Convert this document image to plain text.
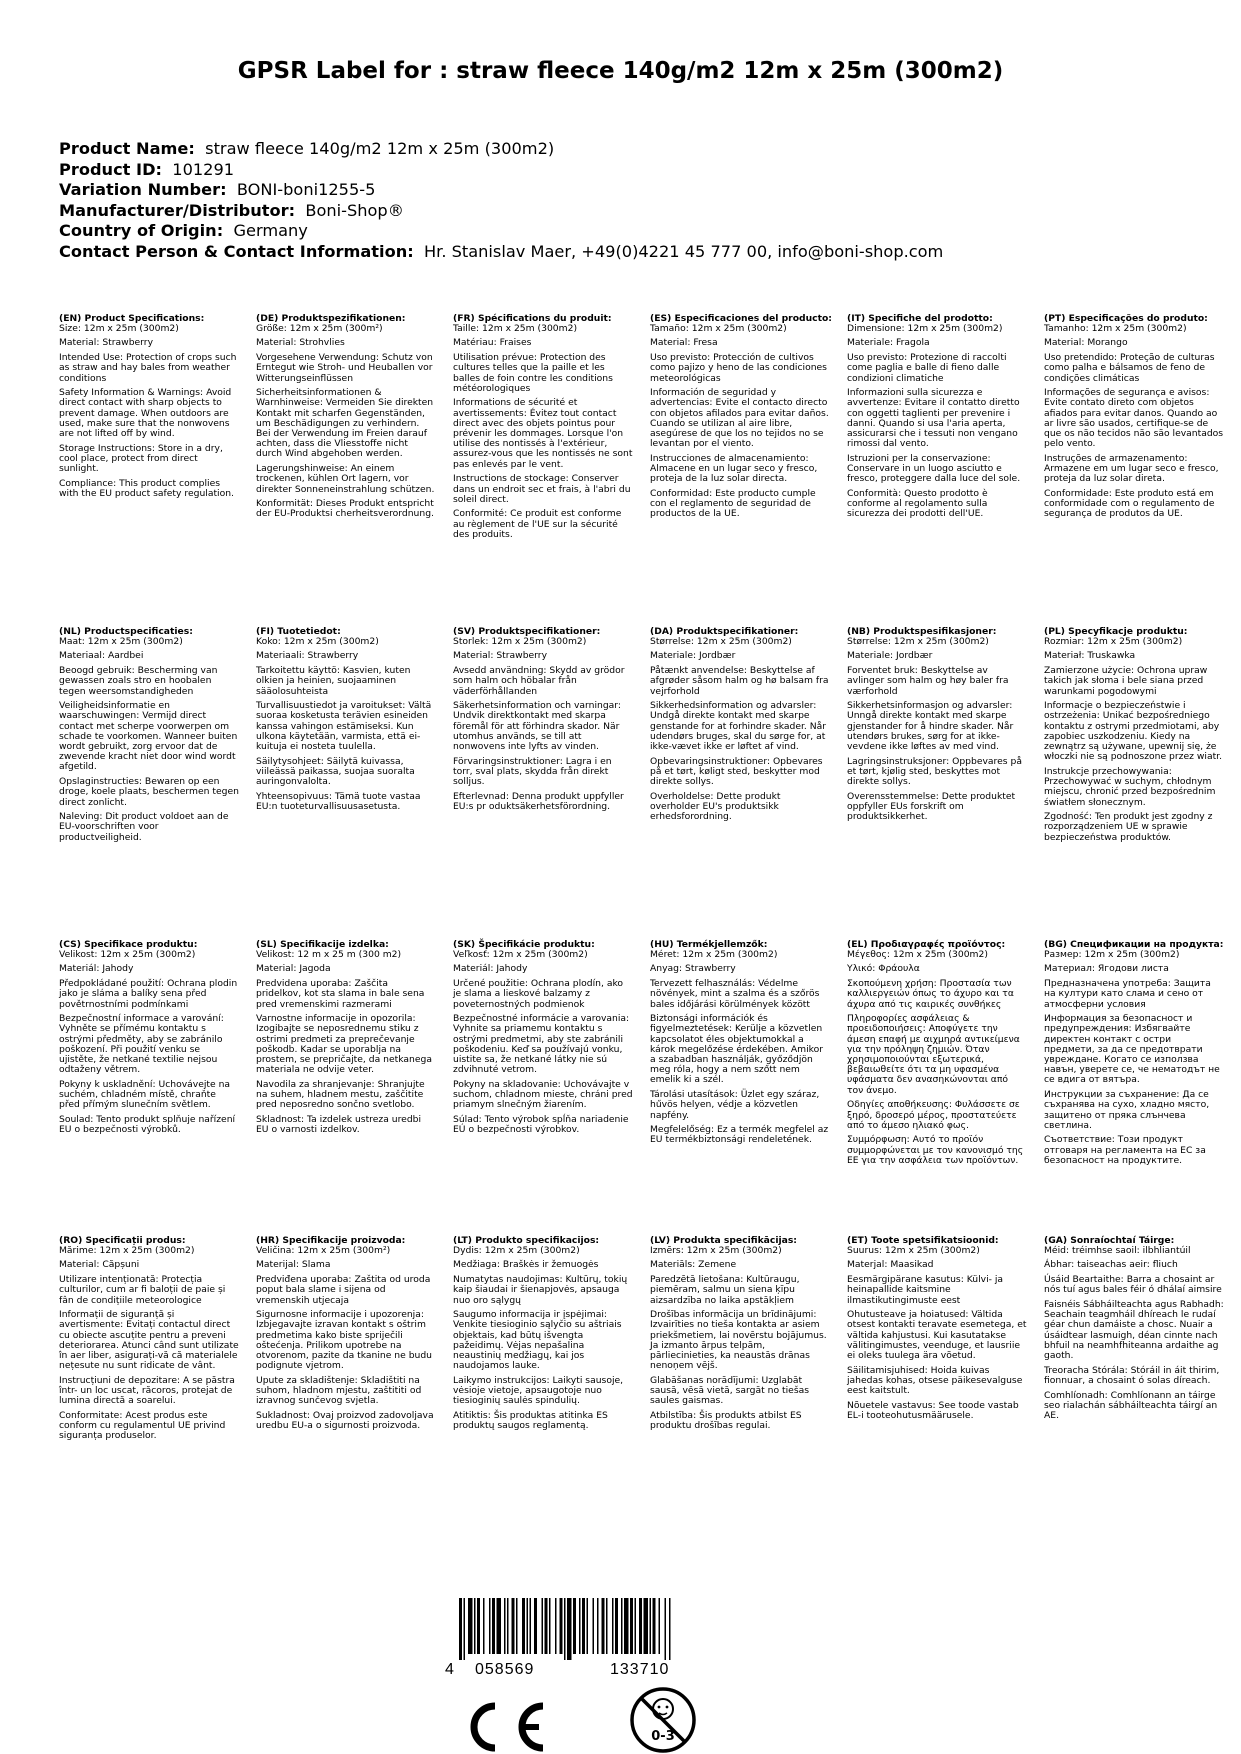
GPSR Label for : straw fleece 140g/m2 12m x 25m (300m2)
Product Name: straw fleece 140g/m2 12m x 25m (300m2)
Product ID: 101291
Variation Number: BONI-boni1255-5
Manufacturer/Distributor: Boni-Shop®
Country of Origin: Germany
Contact Person & Contact Information: Hr. Stanislav Maer, +49(0)4221 45 777 00, info@boni-shop.com
(EN) Product Specifications:

Size: 12m x 25m (300m2)

Material: Strawberry

Intended Use: Protection of crops such as straw and hay bales from weather conditions

Safety Information & Warnings: Avoid direct contact with sharp objects to prevent damage. When outdoors are used, make sure that the nonwovens are not lifted off by wind.

Storage Instructions: Store in a dry, cool place, protect from direct sunlight.

Compliance: This product complies with the EU product safety regulation.

(DE) Produktspezifikationen:

Größe: 12m x 25m (300m²)

Material: Strohvlies

Vorgesehene Verwendung: Schutz von Erntegut wie Stroh- und Heuballen vor Witterungseinflüssen

Sicherheitsinformationen & Warnhinweise: Vermeiden Sie direkten Kontakt mit scharfen Gegenständen, um Beschädigungen zu verhindern. Bei der Verwendung im Freien darauf achten, dass die Vliesstoffe nicht durch Wind abgehoben werden.

Lagerungshinweise: An einem trockenen, kühlen Ort lagern, vor direkter Sonneneinstrahlung schützen.

Konformität: Dieses Produkt entspricht der EU-Produktsi cherheitsverordnung.

(FR) Spécifications du produit:

Taille: 12m x 25m (300m2)

Matériau: Fraises

Utilisation prévue: Protection des cultures telles que la paille et les balles de foin contre les conditions météorologiques

Informations de sécurité et avertissements: Évitez tout contact direct avec des objets pointus pour prévenir les dommages. Lorsque l'on utilise des nontissés à l'extérieur, assurez-vous que les nontissés ne sont pas enlevés par le vent.

Instructions de stockage: Conserver dans un endroit sec et frais, à l'abri du soleil direct.

Conformité: Ce produit est conforme au règlement de l'UE sur la sécurité des produits.

(ES) Especificaciones del producto:

Tamaño: 12m x 25m (300m2)

Material: Fresa

Uso previsto: Protección de cultivos como pajizo y heno de las condiciones meteorológicas

Información de seguridad y advertencias: Evite el contacto directo con objetos afilados para evitar daños. Cuando se utilizan al aire libre, asegúrese de que los no tejidos no se levantan por el viento.

Instrucciones de almacenamiento: Almacene en un lugar seco y fresco, proteja de la luz solar directa.

Conformidad: Este producto cumple con el reglamento de seguridad de productos de la UE.

(IT) Specifiche del prodotto:

Dimensione: 12m x 25m (300m2)

Materiale: Fragola

Uso previsto: Protezione di raccolti come paglia e balle di fieno dalle condizioni climatiche

Informazioni sulla sicurezza e avvertenze: Evitare il contatto diretto con oggetti taglienti per prevenire i danni. Quando si usa l'aria aperta, assicurarsi che i tessuti non vengano rimossi dal vento.

Istruzioni per la conservazione: Conservare in un luogo asciutto e fresco, proteggere dalla luce del sole.

Conformità: Questo prodotto è conforme al regolamento sulla sicurezza dei prodotti dell'UE.

(PT) Especificações do produto:

Tamanho: 12m x 25m (300m2)

Material: Morango

Uso pretendido: Proteção de culturas como palha e bálsamos de feno de condições climáticas

Informações de segurança e avisos: Evite contato direto com objetos afiados para evitar danos. Quando ao ar livre são usados, certifique-se de que os não tecidos não são levantados pelo vento.

Instruções de armazenamento: Armazene em um lugar seco e fresco, proteja da luz solar direta.

Conformidade: Este produto está em conformidade com o regulamento de segurança de produtos da UE.

(NL) Productspecificaties:

Maat: 12m x 25m (300m2)

Materiaal: Aardbei

Beoogd gebruik: Bescherming van gewassen zoals stro en hoobalen tegen weersomstandigheden

Veiligheidsinformatie en waarschuwingen: Vermijd direct contact met scherpe voorwerpen om schade te voorkomen. Wanneer buiten wordt gebruikt, zorg ervoor dat de zwevende kracht niet door wind wordt afgetild.

Opslaginstructies: Bewaren op een droge, koele plaats, beschermen tegen direct zonlicht.

Naleving: Dit product voldoet aan de EU-voorschriften voor productveiligheid.

(FI) Tuotetiedot:

Koko: 12m x 25m (300m2)

Materiaali: Strawberry

Tarkoitettu käyttö: Kasvien, kuten olkien ja heinien, suojaaminen sääolosuhteista

Turvallisuustiedot ja varoitukset: Vältä suoraa kosketusta terävien esineiden kanssa vahingon estämiseksi. Kun ulkona käytetään, varmista, että ei-kuituja ei nosteta tuulella.

Säilytysohjeet: Säilytä kuivassa, viileässä paikassa, suojaa suoralta auringonvalolta.

Yhteensopivuus: Tämä tuote vastaa EU:n tuoteturvallisuusasetusta.

(SV) Produktspecifikationer:

Storlek: 12m x 25m (300m2)

Material: Strawberry

Avsedd användning: Skydd av grödor som halm och höbalar från väderförhållanden

Säkerhetsinformation och varningar: Undvik direktkontakt med skarpa föremål för att förhindra skador. När utomhus används, se till att nonwovens inte lyfts av vinden.

Förvaringsinstruktioner: Lagra i en torr, sval plats, skydda från direkt solljus.

Efterlevnad: Denna produkt uppfyller EU:s pr oduktsäkerhetsförordning.

(DA) Produktspecifikationer:

Størrelse: 12m x 25m (300m2)

Materiale: Jordbær

Påtænkt anvendelse: Beskyttelse af afgrøder såsom halm og hø balsam fra vejrforhold

Sikkerhedsinformation og advarsler: Undgå direkte kontakt med skarpe genstande for at forhindre skader. Når udendørs bruges, skal du sørge for, at ikke-vævet ikke er løftet af vind.

Opbevaringsinstruktioner: Opbevares på et tørt, køligt sted, beskytter mod direkte sollys.

Overholdelse: Dette produkt overholder EU's produktsikk erhedsforordning.

(NB) Produktspesifikasjoner:

Størrelse: 12m x 25m (300m2)

Materiale: Jordbær

Forventet bruk: Beskyttelse av avlinger som halm og høy baler fra værforhold

Sikkerhetsinformasjon og advarsler: Unngå direkte kontakt med skarpe gjenstander for å hindre skader. Når utendørs brukes, sørg for at ikke-vevdene ikke løftes av med vind.

Lagringsinstruksjoner: Oppbevares på et tørt, kjølig sted, beskyttes mot direkte sollys.

Overensstemmelse: Dette produktet oppfyller EUs forskrift om produktsikkerhet.

(PL) Specyfikacje produktu:

Rozmiar: 12m x 25m (300m2)

Materiał: Truskawka

Zamierzone użycie: Ochrona upraw takich jak słoma i bele siana przed warunkami pogodowymi

Informacje o bezpieczeństwie i ostrzeżenia: Unikać bezpośredniego kontaktu z ostrymi przedmiotami, aby zapobiec uszkodzeniu. Kiedy na zewnątrz są używane, upewnij się, że włoczki nie są podnoszone przez wiatr.

Instrukcje przechowywania: Przechowywać w suchym, chłodnym miejscu, chronić przed bezpośrednim światłem słonecznym.

Zgodność: Ten produkt jest zgodny z rozporządzeniem UE w sprawie bezpieczeństwa produktów.

(CS) Specifikace produktu:

Velikost: 12m x 25m (300m2)

Materiál: Jahody

Předpokládané použití: Ochrana plodin jako je sláma a balíky sena před povětrnostními podmínkami

Bezpečnostní informace a varování: Vyhněte se přímému kontaktu s ostrými předměty, aby se zabránilo poškození. Při použití venku se ujistěte, že netkané textilie nejsou odtaženy větrem.

Pokyny k uskladnění: Uchovávejte na suchém, chladném místě, chraňte před přímým slunečním světlem.

Soulad: Tento produkt splňuje nařízení EU o bezpečnosti výrobků.

(SL) Specifikacije izdelka:

Velikost: 12 m x 25 m (300 m2)

Material: Jagoda

Predvidena uporaba: Zaščita pridelkov, kot sta slama in bale sena pred vremenskimi razmerami

Varnostne informacije in opozorila: Izogibajte se neposrednemu stiku z ostrimi predmeti za preprečevanje poškodb. Kadar se uporablja na prostem, se prepričajte, da netkanega materiala ne odvije veter.

Navodila za shranjevanje: Shranjujte na suhem, hladnem mestu, zaščitite pred neposredno sončno svetlobo.

Skladnost: Ta izdelek ustreza uredbi EU o varnosti izdelkov.

(SK) Špecifikácie produktu:

Veľkosť: 12m x 25m (300m2)

Materiál: Jahody

Určené použitie: Ochrana plodín, ako je slama a lieskové balzamy z poveternostných podmienok

Bezpečnostné informácie a varovania: Vyhnite sa priamemu kontaktu s ostrými predmetmi, aby ste zabránili poškodeniu. Keď sa používajú vonku, uistite sa, že netkané látky nie sú zdvihnuté vetrom.

Pokyny na skladovanie: Uchovávajte v suchom, chladnom mieste, chráni pred priamym slnečným žiarením.

Súlad: Tento výrobok spĺňa nariadenie EÚ o bezpečnosti výrobkov.

(HU) Termékjellemzők:

Méret: 12m x 25m (300m2)

Anyag: Strawberry

Tervezett felhasználás: Védelme növények, mint a szalma és a szőrös bales időjárási körülmények között

Biztonsági információk és figyelmeztetések: Kerülje a közvetlen kapcsolatot éles objektumokkal a károk megelőzése érdekében. Amikor a szabadban használják, győződjön meg róla, hogy a nem szőtt nem emelik ki a szél.

Tárolási utasítások: Üzlet egy száraz, hűvös helyen, védje a közvetlen napfény.

Megfelelőség: Ez a termék megfelel az EU termékbiztonsági rendeletének.

(EL) Προδιαγραφές προϊόντος:

Μέγεθος: 12m x 25m (300m2)

Υλικό: Φράουλα

Σκοπούμενη χρήση: Προστασία των καλλιεργειών όπως το άχυρο και τα άχυρα από τις καιρικές συνθήκες

Πληροφορίες ασφάλειας & προειδοποιήσεις: Αποφύγετε την άμεση επαφή με αιχμηρά αντικείμενα για την πρόληψη ζημιών. Όταν χρησιμοποιούνται εξωτερικά, βεβαιωθείτε ότι τα μη υφασμένα υφάσματα δεν ανασηκώνονται από τον άνεμο.

Οδηγίες αποθήκευσης: Φυλάσσετε σε ξηρό, δροσερό μέρος, προστατεύετε από το άμεσο ηλιακό φως.

Συμμόρφωση: Αυτό το προϊόν συμμορφώνεται με τον κανονισμό της ΕΕ για την ασφάλεια των προϊόντων.

(BG) Спецификации на продукта:

Размер: 12m x 25m (300m2)

Материал: Ягодови листа

Предназначена употреба: Защита на култури като слама и сено от атмосферни условия

Информация за безопасност и предупреждения: Избягвайте директен контакт с остри предмети, за да се предотврати увреждане. Когато се използва навън, уверете се, че нематодът не се вдига от вятъра.

Инструкции за съхранение: Да се съхранява на сухо, хладно място, защитено от пряка слънчева светлина.

Съответствие: Този продукт отговаря на регламента на ЕС за безопасност на продуктите.

(RO) Specificații produs:

Mărime: 12m x 25m (300m2)

Material: Căpșuni

Utilizare intenționată: Protecția culturilor, cum ar fi baloții de paie și fân de condițiile meteorologice

Informații de siguranță și avertismente: Evitați contactul direct cu obiecte ascuțite pentru a preveni deteriorarea. Atunci când sunt utilizate în aer liber, asigurați-vă că materialele nețesute nu sunt ridicate de vânt.

Instrucțiuni de depozitare: A se păstra într- un loc uscat, răcoros, protejat de lumina directă a soarelui.

Conformitate: Acest produs este conform cu regulamentul UE privind siguranța produselor.

(HR) Specifikacije proizvoda:

Veličina: 12m x 25m (300m²)

Materijal: Slama

Predviđena uporaba: Zaštita od uroda poput bala slame i sijena od vremenskih utjecaja

Sigurnosne informacije i upozorenja: Izbjegavajte izravan kontakt s oštrim predmetima kako biste spriječili oštećenja. Prilikom upotrebe na otvorenom, pazite da tkanine ne budu podignute vjetrom.

Upute za skladištenje: Skladištiti na suhom, hladnom mjestu, zaštititi od izravnog sunčevog svjetla.

Sukladnost: Ovaj proizvod zadovoljava uredbu EU-a o sigurnosti proizvoda.

(LT) Produkto specifikacijos:

Dydis: 12m x 25m (300m2)

Medžiaga: Braškės ir žemuogės

Numatytas naudojimas: Kultūrų, tokių kaip šiaudai ir šienapjovės, apsauga nuo oro sąlygų

Saugumo informacija ir įspėjimai: Venkite tiesioginio sąlyčio su aštriais objektais, kad būtų išvengta pažeidimų. Vėjas nepašalina neaustinių medžiagų, kai jos naudojamos lauke.

Laikymo instrukcijos: Laikyti sausoje, vėsioje vietoje, apsaugotoje nuo tiesioginių saulės spindulių.

Atitiktis: Šis produktas atitinka ES produktų saugos reglamentą.

(LV) Produkta specifikācijas:

Izmērs: 12m x 25m (300m2)

Materiāls: Zemene

Paredzētā lietošana: Kultūraugu, piemēram, salmu un siena ķīpu aizsardzība no laika apstākļiem

Drošības informācija un brīdinājumi: Izvairīties no tieša kontakta ar asiem priekšmetiem, lai novērstu bojājumus. Ja izmanto ārpus telpām, pārliecinieties, ka neaustās drānas nenoņem vējš.

Glabāšanas norādījumi: Uzglabāt sausā, vēsā vietā, sargāt no tiešas saules gaismas.

Atbilstība: Šis produkts atbilst ES produktu drošības regulai.

(ET) Toote spetsifikatsioonid:

Suurus: 12m x 25m (300m2)

Materjal: Maasikad

Eesmärgipärane kasutus: Külvi- ja heinapallide kaitsmine ilmastikutingimuste eest

Ohutusteave ja hoiatused: Vältida otsest kontakti teravate esemetega, et vältida kahjustusi. Kui kasutatakse välitingimustes, veenduge, et lausriie ei oleks tuulega ära võetud.

Säilitamisjuhised: Hoida kuivas jahedas kohas, otsese päikesevalguse eest kaitstult.

Nõuetele vastavus: See toode vastab EL-i tooteohutusmäärusele.

(GA) Sonraíochtaí Táirge:

Méid: tréimhse saoil: ilbhliantúil

Ábhar: taiseachas aeir: fliuch

Úsáid Beartaithe: Barra a chosaint ar nós tuí agus bales féir ó dhálaí aimsire

Faisnéis Sábháilteachta agus Rabhadh: Seachain teagmháil dhíreach le rudaí géar chun damáiste a chosc. Nuair a úsáidtear lasmuigh, déan cinnte nach bhfuil na neamhfhiteanna ardaithe ag gaoth.

Treoracha Stórála: Stóráil in áit thirim, fionnuar, a chosaint ó solas díreach.

Comhlíonadh: Comhlíonann an táirge seo rialachán sábháilteachta táirgí an AE.

4 058569	133710
0-3
